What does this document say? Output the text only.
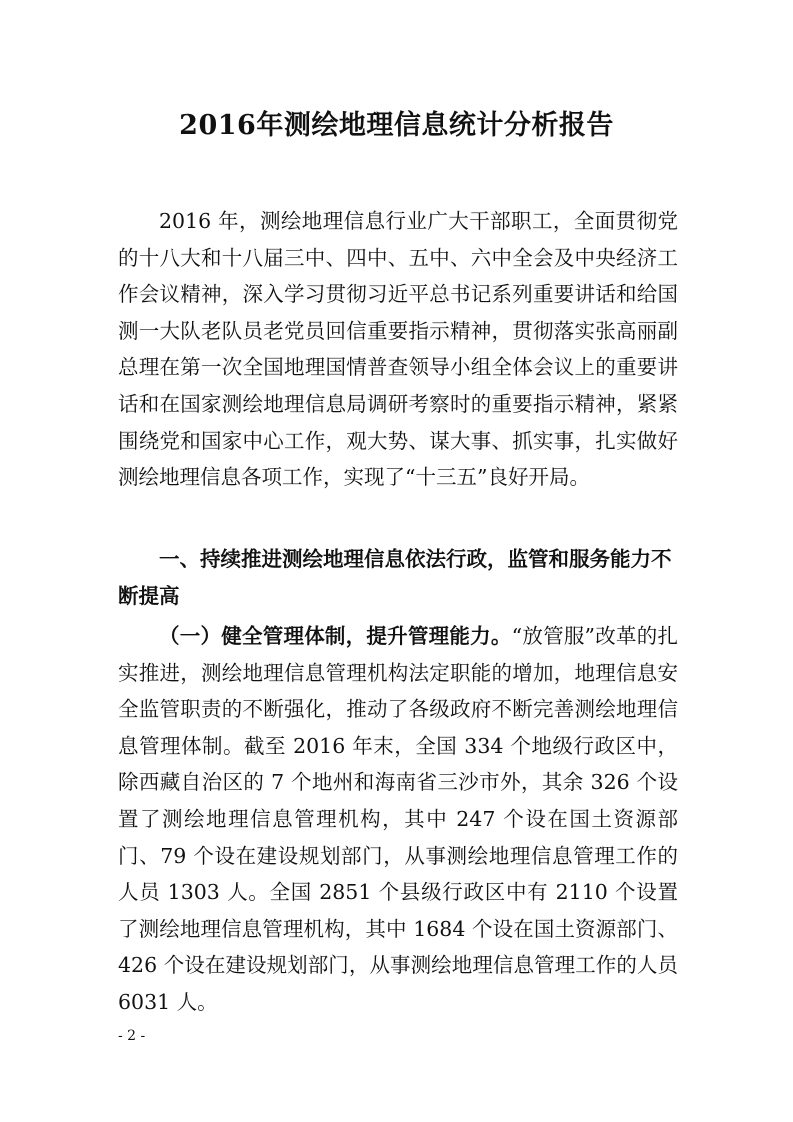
2016年测绘地理信息统计分析报告

2016 年，测绘地理信息行业广大干部职工，全面贯彻党的十八大和十八届三中、四中、五中、六中全会及中央经济工作会议精神，深入学习贯彻习近平总书记系列重要讲话和给国测一大队老队员老党员回信重要指示精神，贯彻落实张高丽副总理在第一次全国地理国情普查领导小组全体会议上的重要讲话和在国家测绘地理信息局调研考察时的重要指示精神，紧紧围绕党和国家中心工作，观大势、谋大事、抓实事，扎实做好测绘地理信息各项工作，实现了“十三五”良好开局。

一、持续推进测绘地理信息依法行政，监管和服务能力不断提高

（一）健全管理体制，提升管理能力。“放管服”改革的扎实推进，测绘地理信息管理机构法定职能的增加，地理信息安全监管职责的不断强化，推动了各级政府不断完善测绘地理信息管理体制。截至 2016 年末，全国 334 个地级行政区中，除西藏自治区的 7 个地州和海南省三沙市外，其余 326 个设置了测绘地理信息管理机构，其中 247 个设在国土资源部门、79 个设在建设规划部门，从事测绘地理信息管理工作的人员 1303 人。全国 2851 个县级行政区中有 2110 个设置了测绘地理信息管理机构，其中 1684 个设在国土资源部门、426 个设在建设规划部门，从事测绘地理信息管理工作的人员 6031 人。

- 2 -
